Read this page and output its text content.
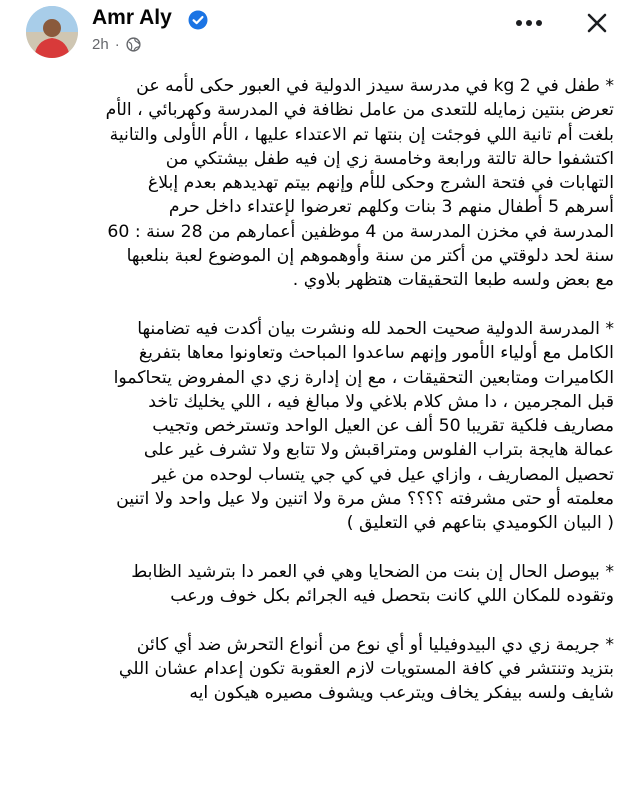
Amr Aly
2h ·
* طفل في 2 kg في مدرسة سيدز الدولية في العبور حكى لأمه عن
تعرض بنتين زمايله للتعدى من عامل نظافة في المدرسة وكهربائي ، الأم
بلغت أم تانية اللي فوجئت إن بنتها تم الاعتداء عليها ، الأم الأولى والتانية
اكتشفوا حالة تالتة ورابعة وخامسة زي إن فيه طفل بيشتكي من
التهابات في فتحة الشرج وحكى للأم وإنهم بيتم تهديدهم بعدم إبلاغ
أسرهم 5 أطفال منهم 3 بنات وكلهم تعرضوا لإعتداء داخل حرم
المدرسة في مخزن المدرسة من 4 موظفين أعمارهم من 28 سنة : 60
سنة لحد دلوقتي من أكتر من سنة وأوهموهم إن الموضوع لعبة بنلعبها
مع بعض ولسه طبعا التحقيقات هتظهر بلاوي .
* المدرسة الدولية صحيت الحمد لله ونشرت بيان أكدت فيه تضامنها
الكامل مع أولياء الأمور وإنهم ساعدوا المباحث وتعاونوا معاها بتفريغ
الكاميرات ومتابعين التحقيقات ، مع إن إدارة زي دي المفروض يتحاكموا
قبل المجرمين ، دا مش كلام بلاغي ولا مبالغ فيه ، اللي يخليك تاخد
مصاريف فلكية تقريبا 50 ألف عن العيل الواحد وتسترخص وتجيب
عمالة هايجة بتراب الفلوس ومتراقبش ولا تتابع ولا تشرف غير على
تحصيل المصاريف ، وازاي عيل في كي جي يتساب لوحده من غير
معلمته أو حتى مشرفته ؟؟؟؟ مش مرة ولا اتنين ولا عيل واحد ولا اتنين
( البيان الكوميدي بتاعهم في التعليق )
* بيوصل الحال إن بنت من الضحايا وهي في العمر دا بترشيد الظابط
وتقوده للمكان اللي كانت بتحصل فيه الجرائم بكل خوف ورعب
* جريمة زي دي البيدوفيليا أو أي نوع من أنواع التحرش ضد أي كائن
بتزيد وتنتشر في كافة المستويات لازم العقوبة تكون إعدام عشان اللي
شايف ولسه بيفكر يخاف ويترعب ويشوف مصيره هيكون ايه
